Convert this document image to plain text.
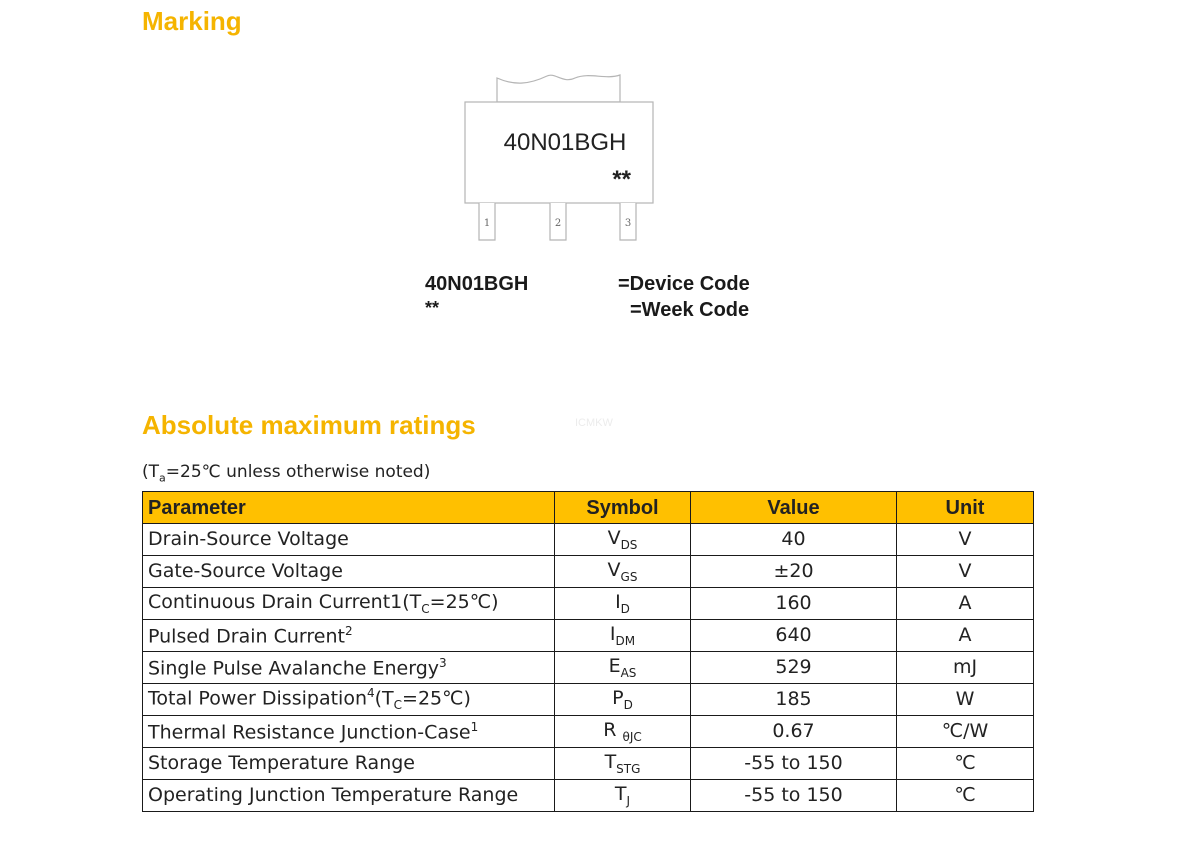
Marking
40N01BGH
**
1	2	3
40N01BGH
**
=Device Code
=Week Code
Absolute maximum ratings	ICMKW
($T_a=25℃$ unless otherwise noted)
Parameter	Symbol	Value	Unit
Drain-Source Voltage	$V_{DS}$	40	V
Gate-Source Voltage	$V_{GS}$	±20	V
Continuous Drain $Current1(T_C=25℃)$	$I_D$	160	A
Pulsed Drain Current$^2$	$I_{DM}$	640	A
Single Pulse Avalanche Energy$^3$	$E_{AS}$	529	mJ
Total Power $Dissipation^4(T_C=25℃)$	$P_D$	185	W
Thermal Resistance Junction-Case$^1$	R $_{\theta JC}$	0.67	℃/W
Storage Temperature Range	$T_{STG}$	-55 to 150	℃
Operating Junction Temperature Range	$T_J$	-55 to 150	℃
